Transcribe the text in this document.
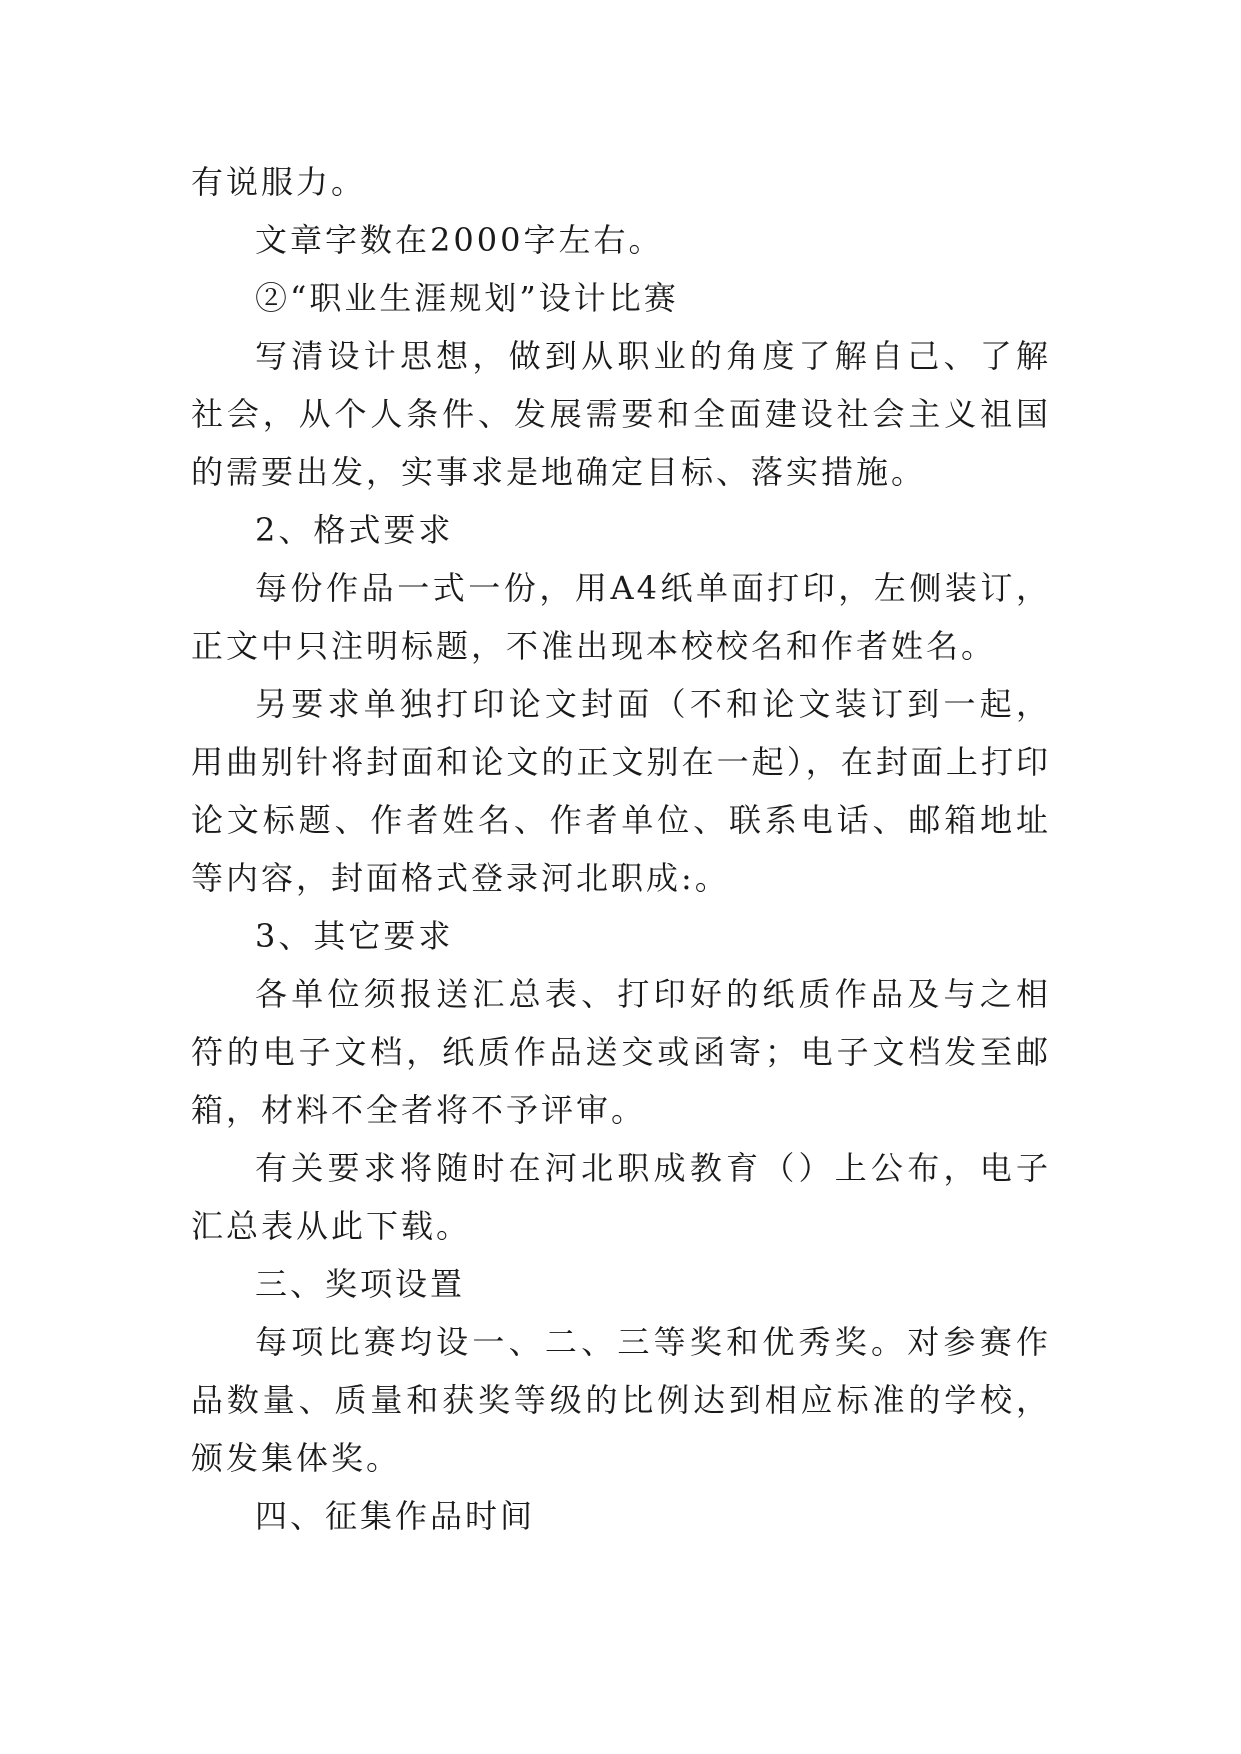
有说服力。

文章字数在2000字左右。

②“职业生涯规划”设计比赛

写清设计思想，做到从职业的角度了解自己、了解社会，从个人条件、发展需要和全面建设社会主义祖国的需要出发，实事求是地确定目标、落实措施。

2、格式要求

每份作品一式一份，用A4纸单面打印，左侧装订，正文中只注明标题，不准出现本校校名和作者姓名。

另要求单独打印论文封面（不和论文装订到一起，用曲别针将封面和论文的正文别在一起），在封面上打印论文标题、作者姓名、作者单位、联系电话、邮箱地址等内容，封面格式登录河北职成:。

3、其它要求

各单位须报送汇总表、打印好的纸质作品及与之相符的电子文档，纸质作品送交或函寄；电子文档发至邮箱，材料不全者将不予评审。

有关要求将随时在河北职成教育（）上公布，电子汇总表从此下载。

三、奖项设置

每项比赛均设一、二、三等奖和优秀奖。对参赛作品数量、质量和获奖等级的比例达到相应标准的学校，颁发集体奖。

四、征集作品时间
